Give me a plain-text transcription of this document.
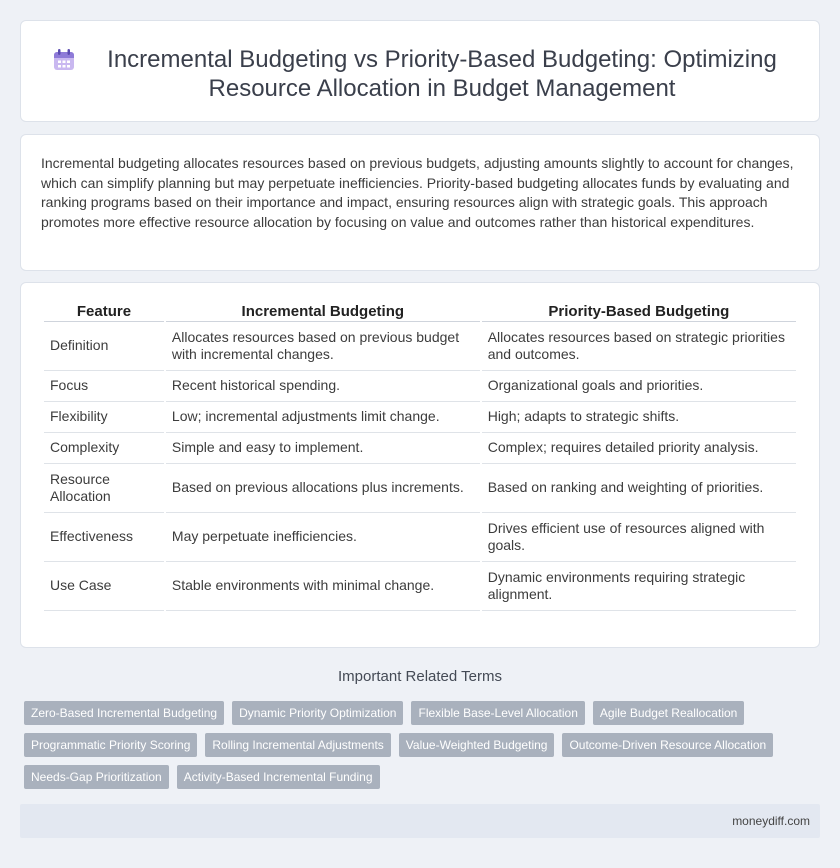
Incremental Budgeting vs Priority-Based Budgeting: Optimizing Resource Allocation in Budget Management

Incremental budgeting allocates resources based on previous budgets, adjusting amounts slightly to account for changes, which can simplify planning but may perpetuate inefficiencies. Priority-based budgeting allocates funds by evaluating and ranking programs based on their importance and impact, ensuring resources align with strategic goals. This approach promotes more effective resource allocation by focusing on value and outcomes rather than historical expenditures.

Feature	Incremental Budgeting	Priority-Based Budgeting
Definition	Allocates resources based on previous budget with incremental changes.	Allocates resources based on strategic priorities and outcomes.
Focus	Recent historical spending.	Organizational goals and priorities.
Flexibility	Low; incremental adjustments limit change.	High; adapts to strategic shifts.
Complexity	Simple and easy to implement.	Complex; requires detailed priority analysis.
Resource Allocation	Based on previous allocations plus increments.	Based on ranking and weighting of priorities.
Effectiveness	May perpetuate inefficiencies.	Drives efficient use of resources aligned with goals.
Use Case	Stable environments with minimal change.	Dynamic environments requiring strategic alignment.
Important Related Terms
Zero-Based Incremental Budgeting	Dynamic Priority Optimization	Flexible Base-Level Allocation	Agile Budget Reallocation
Programmatic Priority Scoring	Rolling Incremental Adjustments	Value-Weighted Budgeting	Outcome-Driven Resource Allocation
Needs-Gap Prioritization	Activity-Based Incremental Funding
moneydiff.com
